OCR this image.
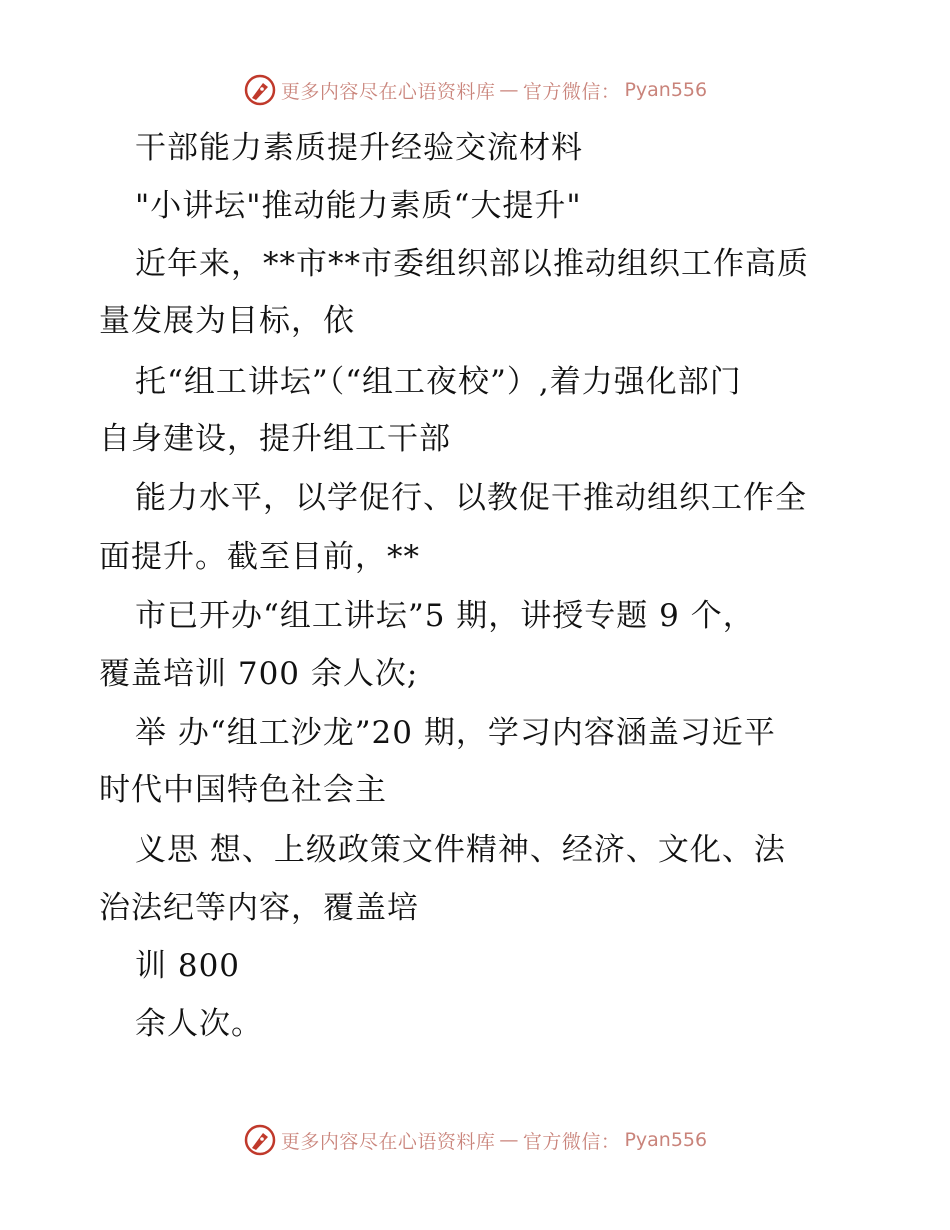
更多内容尽在心语资料库 — 官方微信： Pyan556
干部能力素质提升经验交流材料
"小讲坛"推动能力素质“大提升"
近年来，**市**市委组织部以推动组织工作高质
量发展为目标，依
托“组工讲坛”（“组工夜校”）,着力强化部门
自身建设，提升组工干部
能力水平，以学促行、以教促干推动组织工作全
面提升。截至目前，**
市已开办“组工讲坛”5 期，讲授专题 9 个，
覆盖培训 700 余人次;
举 办“组工沙龙”20 期，学习内容涵盖习近平
时代中国特色社会主
义思 想、上级政策文件精神、经济、文化、法
治法纪等内容，覆盖培
训 800
余人次。
更多内容尽在心语资料库 — 官方微信： Pyan556
